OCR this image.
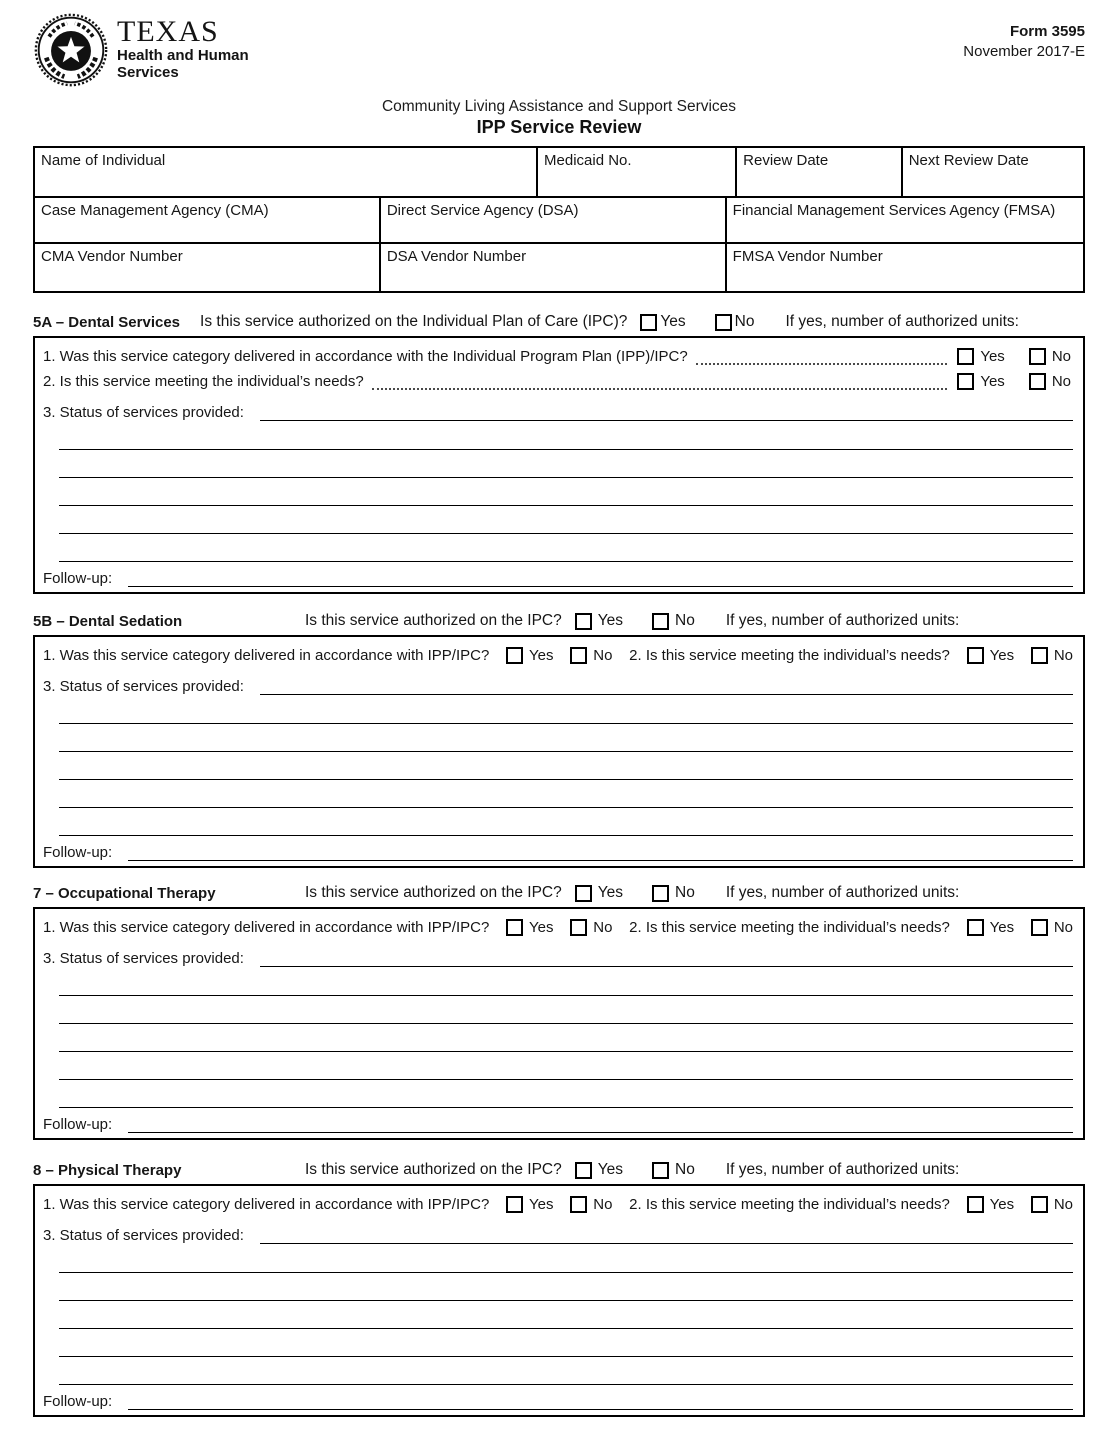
TEXAS
Health and Human
Services
Form 3595
November 2017-E
Community Living Assistance and Support Services
IPP Service Review
Name of Individual	Medicaid No.	Review Date	Next Review Date
Case Management Agency (CMA)	Direct Service Agency (DSA)	Financial Management Services Agency (FMSA)
CMA Vendor Number	DSA Vendor Number	FMSA Vendor Number
5A – Dental Services Is this service authorized on the Individual Plan of Care (IPC)? Yes	No If yes, number of authorized units:
1. Was this service category delivered in accordance with the Individual Program Plan (IPP)/IPC?	Yes	No
2. Is this service meeting the individual’s needs?	Yes	No
3. Status of services provided:
Follow-up:
5B – Dental Sedation	Is this service authorized on the IPC? Yes	No If yes, number of authorized units:
1. Was this service category delivered in accordance with IPP/IPC?	Yes	No 2. Is this service meeting the individual’s needs?	Yes	No
3. Status of services provided:
Follow-up:
7 – Occupational Therapy	Is this service authorized on the IPC? Yes	No If yes, number of authorized units:
1. Was this service category delivered in accordance with IPP/IPC?	Yes	No 2. Is this service meeting the individual’s needs?	Yes	No
3. Status of services provided:
Follow-up:
8 – Physical Therapy	Is this service authorized on the IPC? Yes	No If yes, number of authorized units:
1. Was this service category delivered in accordance with IPP/IPC?	Yes	No 2. Is this service meeting the individual’s needs?	Yes	No
3. Status of services provided:
Follow-up:
